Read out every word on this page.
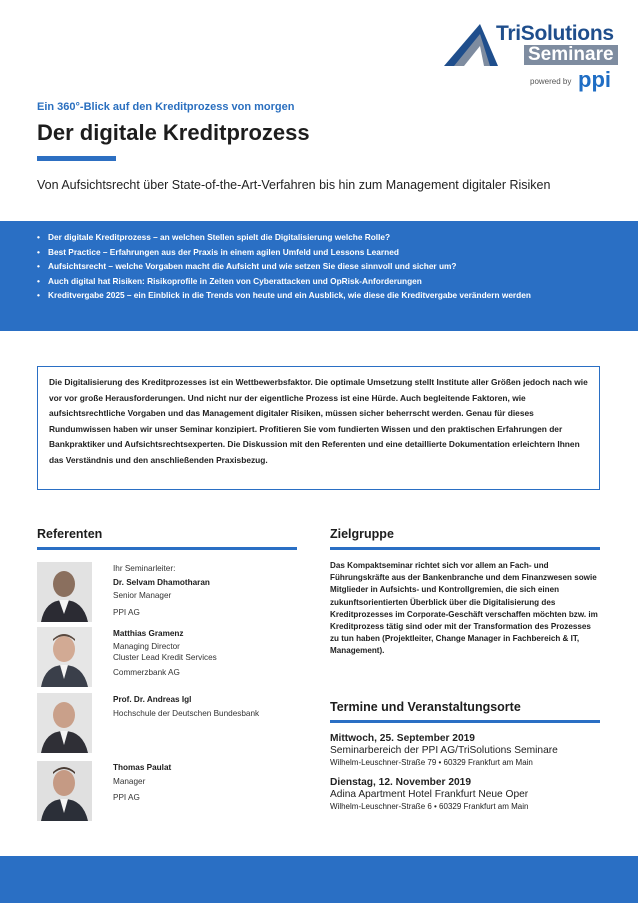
TriSolutions
Seminare
powered by ppi
Ein 360°-Blick auf den Kreditprozess von morgen
Der digitale Kreditprozess
Von Aufsichtsrecht über State-of-the-Art-Verfahren bis hin zum Management digitaler Risiken
• Der digitale Kreditprozess – an welchen Stellen spielt die Digitalisierung welche Rolle?
• Best Practice – Erfahrungen aus der Praxis in einem agilen Umfeld und Lessons Learned
• Aufsichtsrecht – welche Vorgaben macht die Aufsicht und wie setzen Sie diese sinnvoll und sicher um?
• Auch digital hat Risiken: Risikoprofile in Zeiten von Cyberattacken und OpRisk-Anforderungen
• Kreditvergabe 2025 – ein Einblick in die Trends von heute und ein Ausblick, wie diese die Kreditvergabe verändern werden

Die Digitalisierung des Kreditprozesses ist ein Wettbewerbsfaktor. Die optimale Umsetzung stellt Institute aller Größen jedoch nach wie vor vor große Herausforderungen. Und nicht nur der eigentliche Prozess ist eine Hürde. Auch begleitende Faktoren, wie aufsichtsrechtliche Vorgaben und das Management digitaler Risiken, müssen sicher beherrscht werden. Genau für dieses Rundumwissen haben wir unser Seminar konzipiert. Profitieren Sie vom fundierten Wissen und den praktischen Erfahrungen der Bankpraktiker und Aufsichtsrechtsexperten. Die Diskussion mit den Referenten und eine detaillierte Dokumentation erleichtern Ihnen das Verständnis und den anschließenden Praxisbezug.

Referenten
Ihr Seminarleiter:
Dr. Selvam Dhamotharan
Senior Manager
PPI AG
Matthias Gramenz
Managing Director
Cluster Lead Kredit Services
Commerzbank AG
Prof. Dr. Andreas Igl
Hochschule der Deutschen Bundesbank
Thomas Paulat
Manager
PPI AG
Zielgruppe
Das Kompaktseminar richtet sich vor allem an Fach- und Führungskräfte aus der Bankenbranche und dem Finanzwesen sowie Mitglieder in Aufsichts- und Kontrollgremien, die sich einen zukunftsorientierten Überblick über die Digitalisierung des Kreditprozesses im Corporate-Geschäft verschaffen möchten bzw. im Kreditprozess tätig sind oder mit der Transformation des Prozesses zu tun haben (Projektleiter, Change Manager in Fachbereich & IT, Management).
Termine und Veranstaltungsorte
Mittwoch, 25. September 2019
Seminarbereich der PPI AG/TriSolutions Seminare
Wilhelm-Leuschner-Straße 79 • 60329 Frankfurt am Main
Dienstag, 12. November 2019
Adina Apartment Hotel Frankfurt Neue Oper
Wilhelm-Leuschner-Straße 6 • 60329 Frankfurt am Main
